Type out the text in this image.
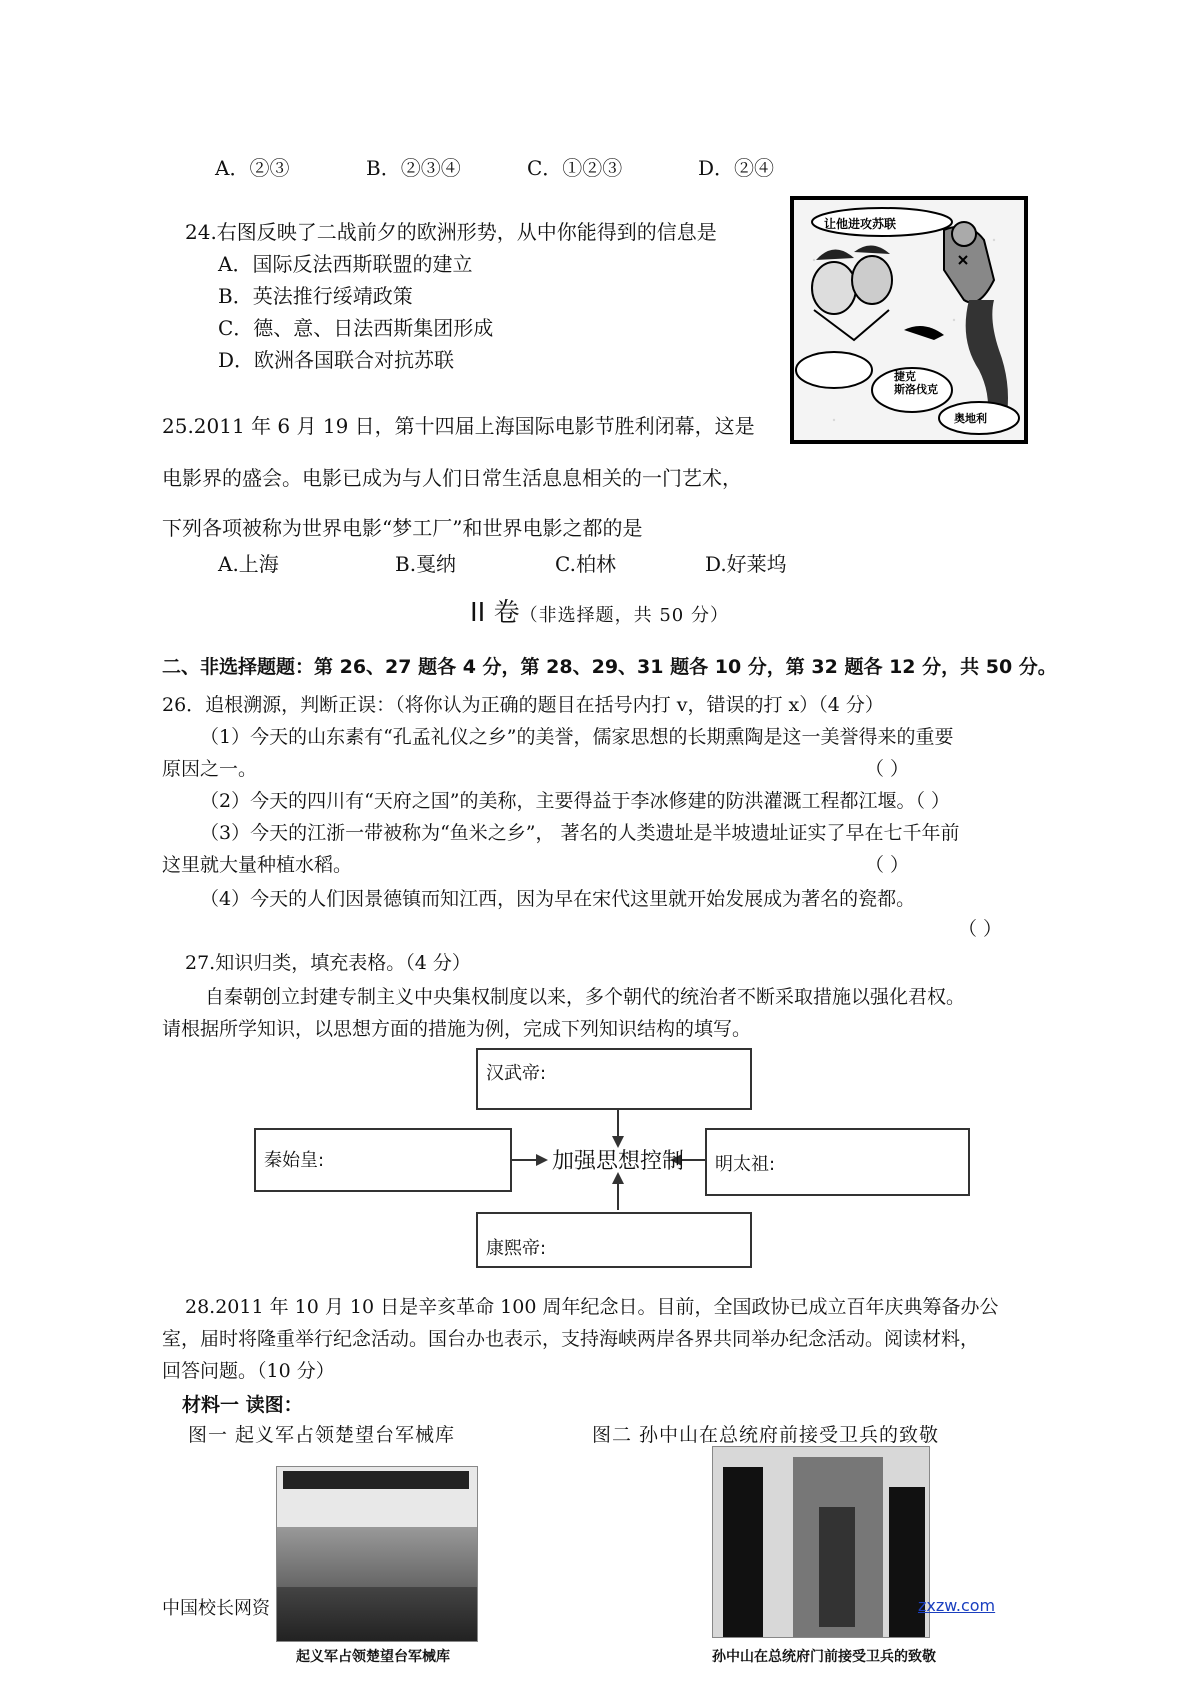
A．②③	B．②③④	C．①②③	D．②④
24.右图反映了二战前夕的欧洲形势，从中你能得到的信息是
A．国际反法西斯联盟的建立
B．英法推行绥靖政策
C．德、意、日法西斯集团形成
D．欧洲各国联合对抗苏联
让他进攻苏联
捷克斯洛伐克
奥地利
25.2011 年 6 月 19 日，第十四届上海国际电影节胜利闭幕，这是
电影界的盛会。电影已成为与人们日常生活息息相关的一门艺术，
下列各项被称为世界电影“梦工厂”和世界电影之都的是
A.上海	B.戛纳	C.柏林	D.好莱坞
II 卷（非选择题，共 50 分）
二、非选择题题：第 26、27 题各 4 分，第 28、29、31 题各 10 分，第 32 题各 12 分，共 50 分。
26．追根溯源，判断正误：（将你认为正确的题目在括号内打 v，错误的打 x）（4 分）
（1）今天的山东素有“孔孟礼仪之乡”的美誉，儒家思想的长期熏陶是这一美誉得来的重要
原因之一。	（ ）
（2）今天的四川有“天府之国”的美称，主要得益于李冰修建的防洪灌溉工程都江堰。（ ）
（3）今天的江浙一带被称为“鱼米之乡”， 著名的人类遗址是半坡遗址证实了早在七千年前
这里就大量种植水稻。	（ ）
（4）今天的人们因景德镇而知江西，因为早在宋代这里就开始发展成为著名的瓷都。
（ ）
27.知识归类，填充表格。（4 分）
自秦朝创立封建专制主义中央集权制度以来，多个朝代的统治者不断采取措施以强化君权。
请根据所学知识，以思想方面的措施为例，完成下列知识结构的填写。
汉武帝:
秦始皇:	加强思想控制	明太祖:
康熙帝:
28.2011 年 10 月 10 日是辛亥革命 100 周年纪念日。目前，全国政协已成立百年庆典筹备办公
室，届时将隆重举行纪念活动。国台办也表示，支持海峡两岸各界共同举办纪念活动。阅读材料，
回答问题。（10 分）
材料一 读图：
图一 起义军占领楚望台军械库	图二 孙中山在总统府前接受卫兵的致敬
起义军占领楚望台军械库	孙中山在总统府门前接受卫兵的致敬
中国校长网资	zxzw.com
